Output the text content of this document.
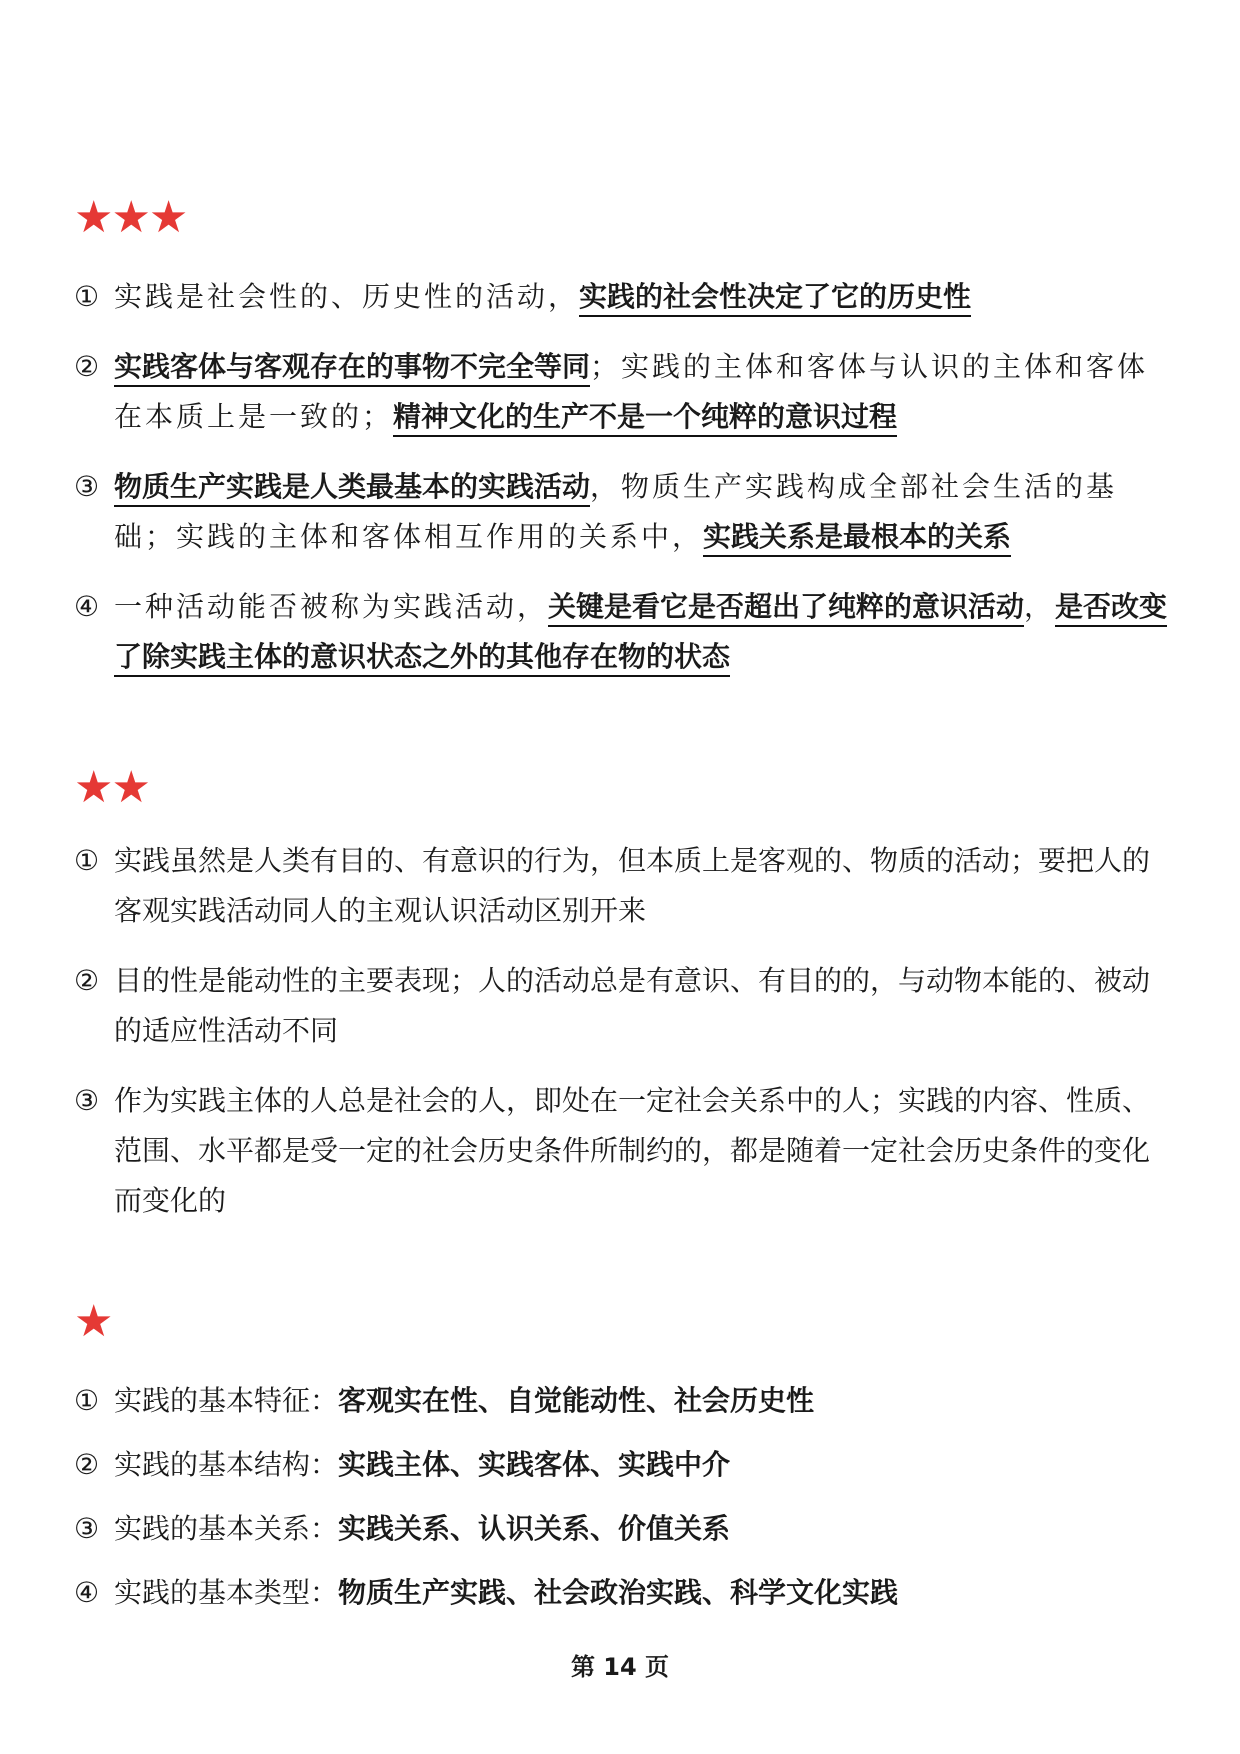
★★★
① 实践是社会性的、历史性的活动，实践的社会性决定了它的历史性
② 实践客体与客观存在的事物不完全等同；实践的主体和客体与认识的主体和客体在本质上是一致的；精神文化的生产不是一个纯粹的意识过程
③ 物质生产实践是人类最基本的实践活动，物质生产实践构成全部社会生活的基础；实践的主体和客体相互作用的关系中，实践关系是最根本的关系
④ 一种活动能否被称为实践活动，关键是看它是否超出了纯粹的意识活动，是否改变了除实践主体的意识状态之外的其他存在物的状态
★★
① 实践虽然是人类有目的、有意识的行为，但本质上是客观的、物质的活动；要把人的客观实践活动同人的主观认识活动区别开来
② 目的性是能动性的主要表现；人的活动总是有意识、有目的的，与动物本能的、被动的适应性活动不同
③ 作为实践主体的人总是社会的人，即处在一定社会关系中的人；实践的内容、性质、范围、水平都是受一定的社会历史条件所制约的，都是随着一定社会历史条件的变化而变化的
★
① 实践的基本特征：客观实在性、自觉能动性、社会历史性
② 实践的基本结构：实践主体、实践客体、实践中介
③ 实践的基本关系：实践关系、认识关系、价值关系
④ 实践的基本类型：物质生产实践、社会政治实践、科学文化实践
第 14 页
